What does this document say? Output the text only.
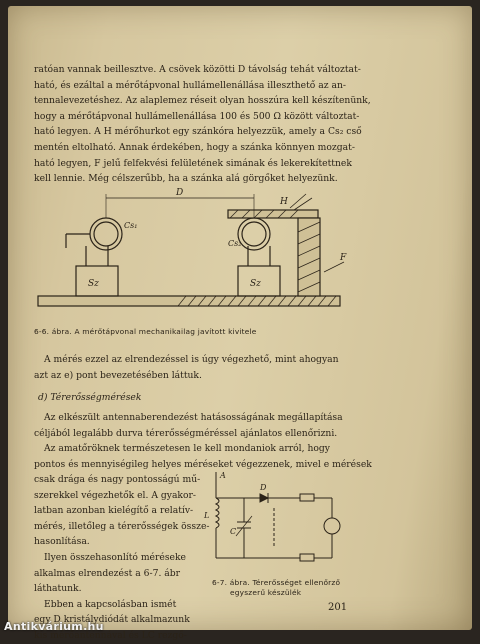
ratóan vannak beillesztve. A csövek közötti D távolság tehát változtat-
ható, és ezáltal a mérőtápvonal hullámellenállása illeszthető az an-
tennalevezetéshez. Az alaplemez réseit olyan hosszúra kell készítenünk,
hogy a mérőtápvonal hullámellenállása 100 és 500 Ω között változtat-
ható legyen. A H mérőhurkot egy szánkóra helyezzük, amely a Cs₂ cső
mentén eltolható. Annak érdekében, hogy a szánka könnyen mozgat-
ható legyen, F jelű felfekvési felületének simának és lekerekítettnek
kell lennie. Még célszerűbb, ha a szánka alá görgőket helyezünk.
D
H
Cs₁
Cs₂
Sz	Sz
F
6-6. ábra. A mérőtápvonal mechanikailag javított kivitele
A mérés ezzel az elrendezéssel is úgy végezhető, mint ahogyan
azt az e) pont bevezetésében láttuk.
d) Térerősségmérések
Az elkészült antennaberendezést hatásosságának megállapítása
céljából legalább durva térerősségméréssel ajánlatos ellenőrizni.
Az amatőröknek természetesen le kell mondaniok arról, hogy
pontos és mennyiségileg helyes méréseket végezzenek, mivel e mérések
csak drága és nagy pontosságú mű-
szerekkel végezhetők el. A gyakor-
latban azonban kielégítő a relatív-
mérés, illetőleg a térerősségek össze-
hasonlítása.
Ilyen összehasonlító méréseke
alkalmas elrendezést a 6-7. ábr
láthatunk.
Ebben a kapcsolásban ismét
egy D kristálydiódát alkalmazunk
kis mérőantennával és LC rezgő-
A
L
C
D
6-7. ábra. Térerősséget ellenőrző
egyszerű készülék
201
Antikvárium.hu
